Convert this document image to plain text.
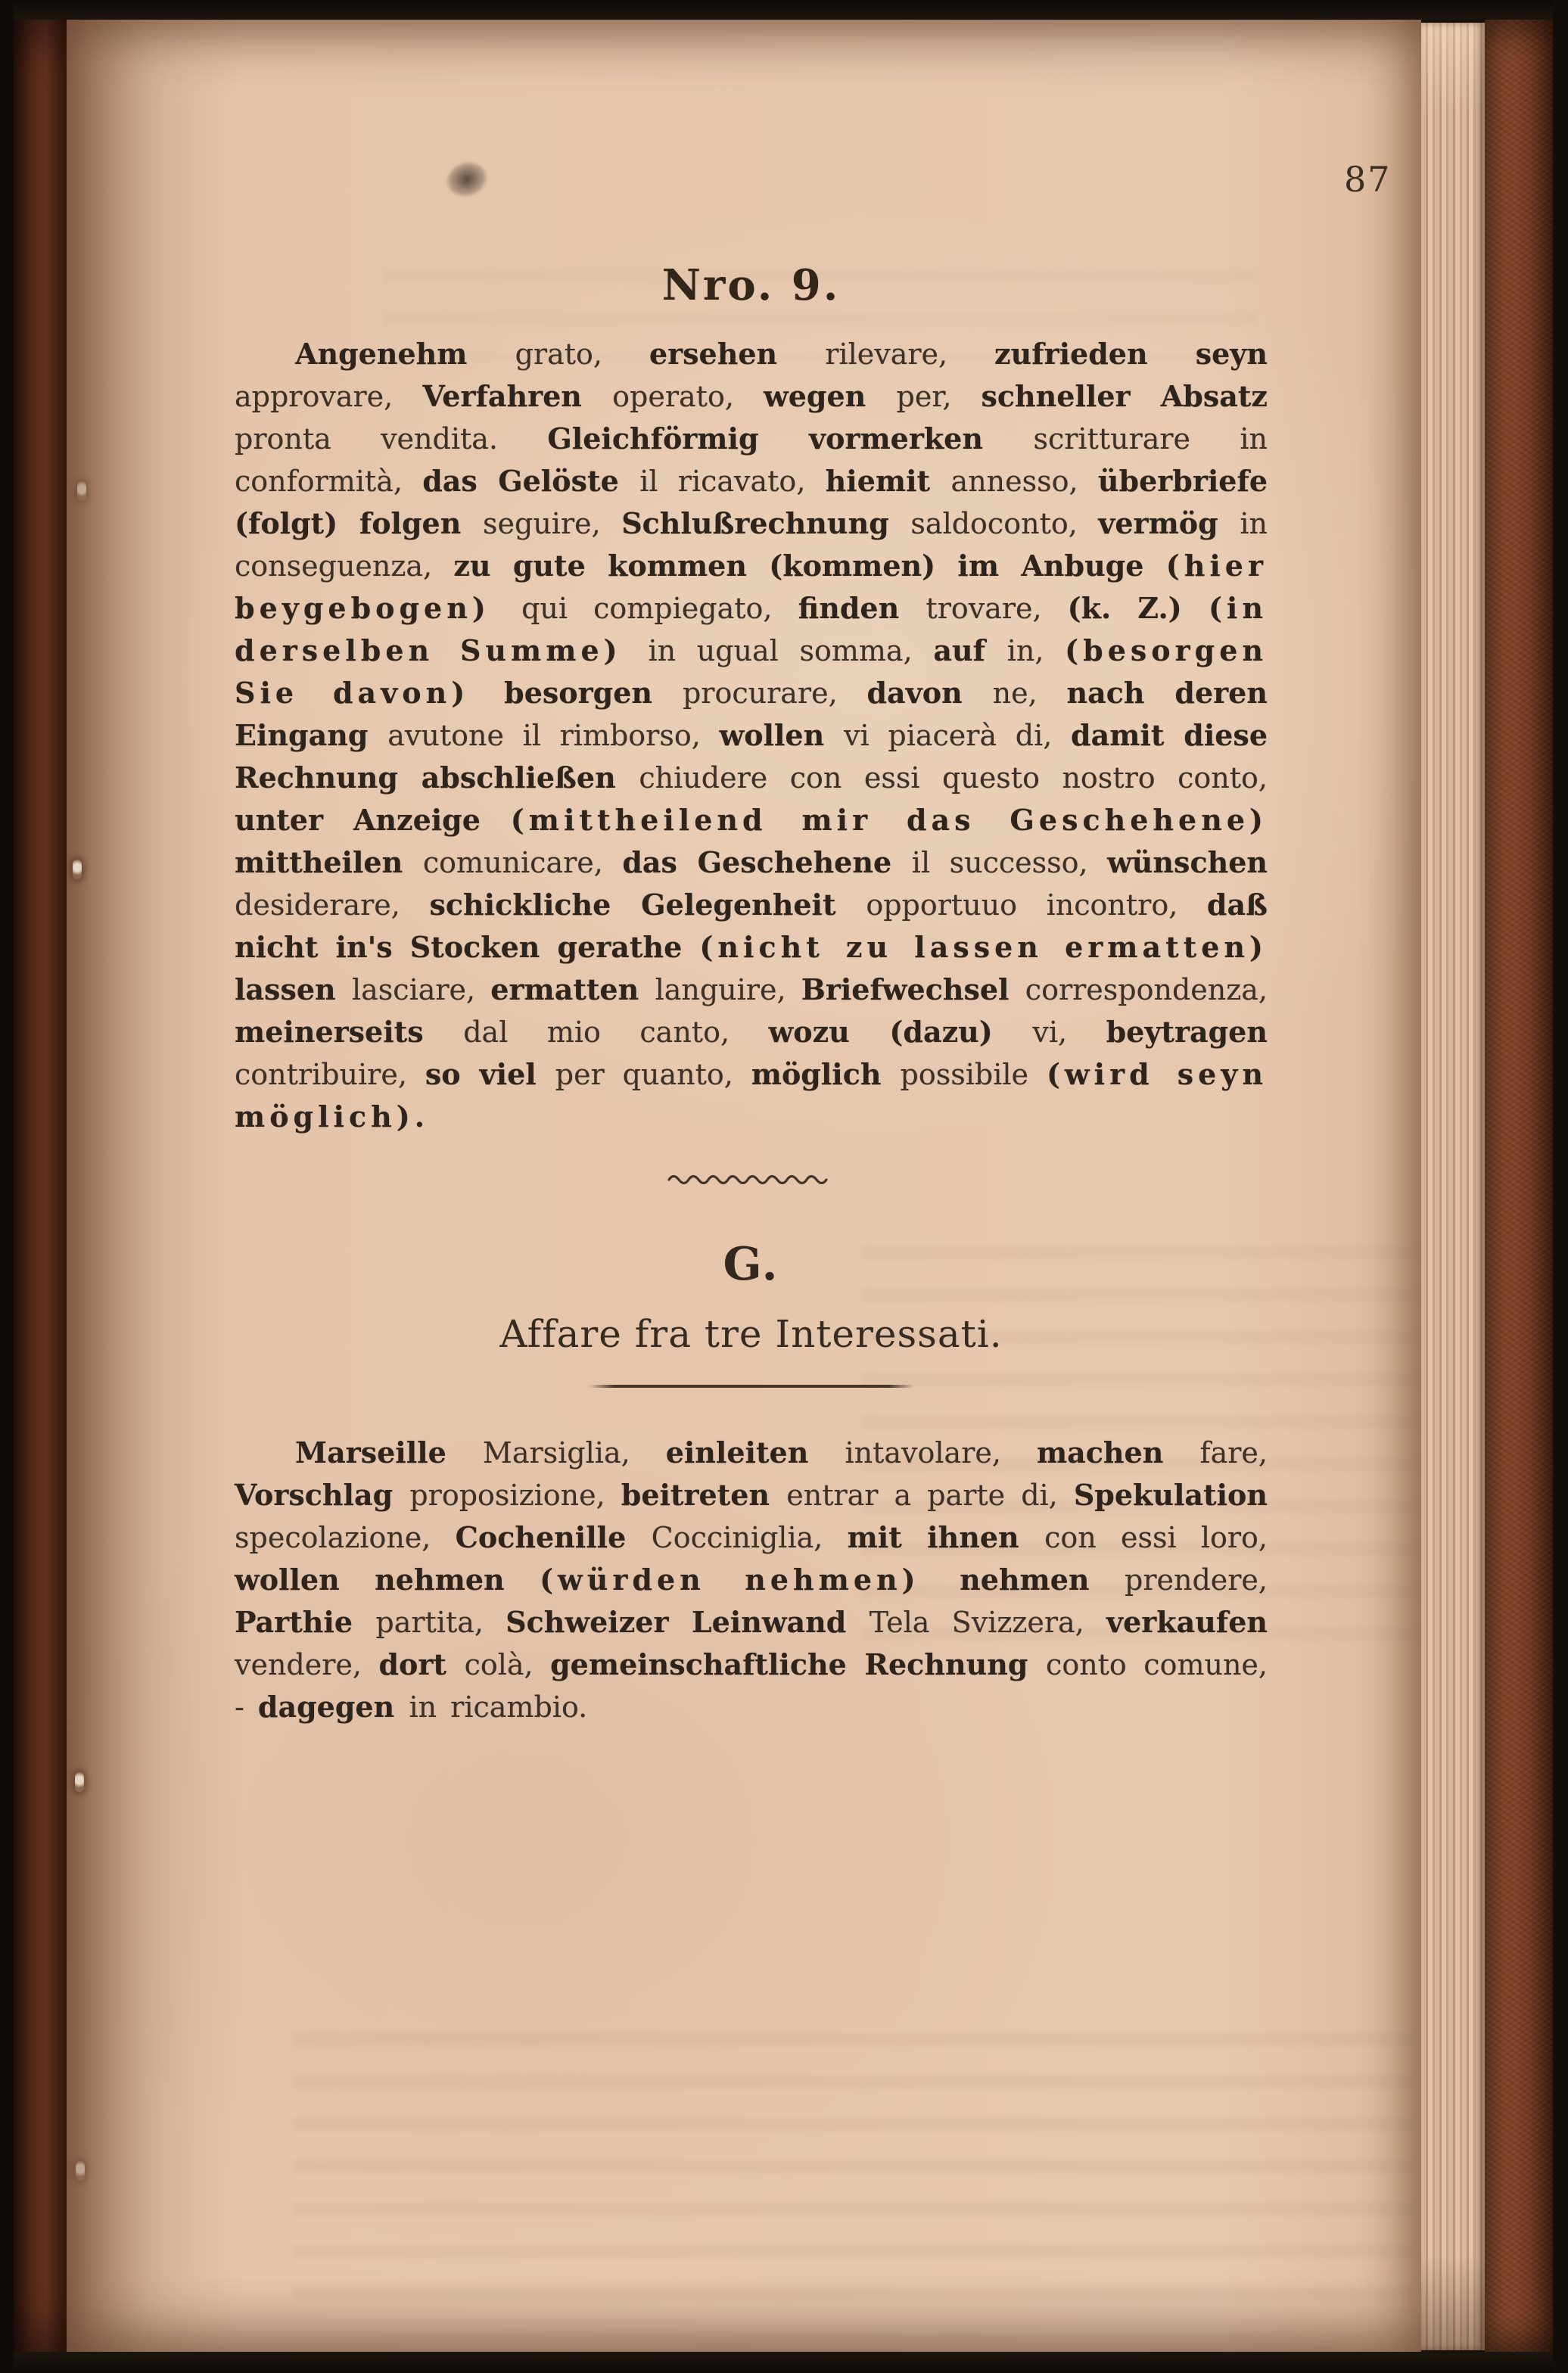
87
Nro. 9.

Angenehm grato, ersehen rilevare, zufrieden seyn approvare, Verfahren operato, wegen per, schneller Absatz pronta vendita. Gleichförmig vormerken scritturare in conformità, das Gelöste il ricavato, hiemit annesso, überbriefe (folgt) folgen seguire, Schlußrechnung saldoconto, vermög in conseguenza, zu gute kommen (kommen) im Anbuge (hier beygebogen) qui compiegato, finden trovare, (k. Z.) (in derselben Summe) in ugual somma, auf in, (besorgen Sie davon) besorgen procurare, davon ne, nach deren Eingang avutone il rimborso, wollen vi piacerà di, damit diese Rechnung abschließen chiudere con essi questo nostro conto, unter Anzeige (mittheilend mir das Geschehene) mittheilen comunicare, das Geschehene il successo, wünschen desiderare, schickliche Gelegenheit opportuuo incontro, daß nicht in's Stocken gerathe (nicht zu lassen ermatten) lassen lasciare, ermatten languire, Briefwechsel correspondenza, meinerseits dal mio canto, wozu (dazu) vi, beytragen contribuire, so viel per quanto, möglich possibile (wird seyn möglich).

G.
Affare fra tre Interessati.

Marseille Marsiglia, einleiten intavolare, machen fare, Vorschlag proposizione, beitreten entrar a parte di, Spekulation specolazione, Cochenille Cocciniglia, mit ihnen con essi loro, wollen nehmen (würden nehmen) nehmen prendere, Parthie partita, Schweizer Leinwand Tela Svizzera, verkaufen vendere, dort colà, gemeinschaftliche Rechnung conto comune, - dagegen in ricambio.
